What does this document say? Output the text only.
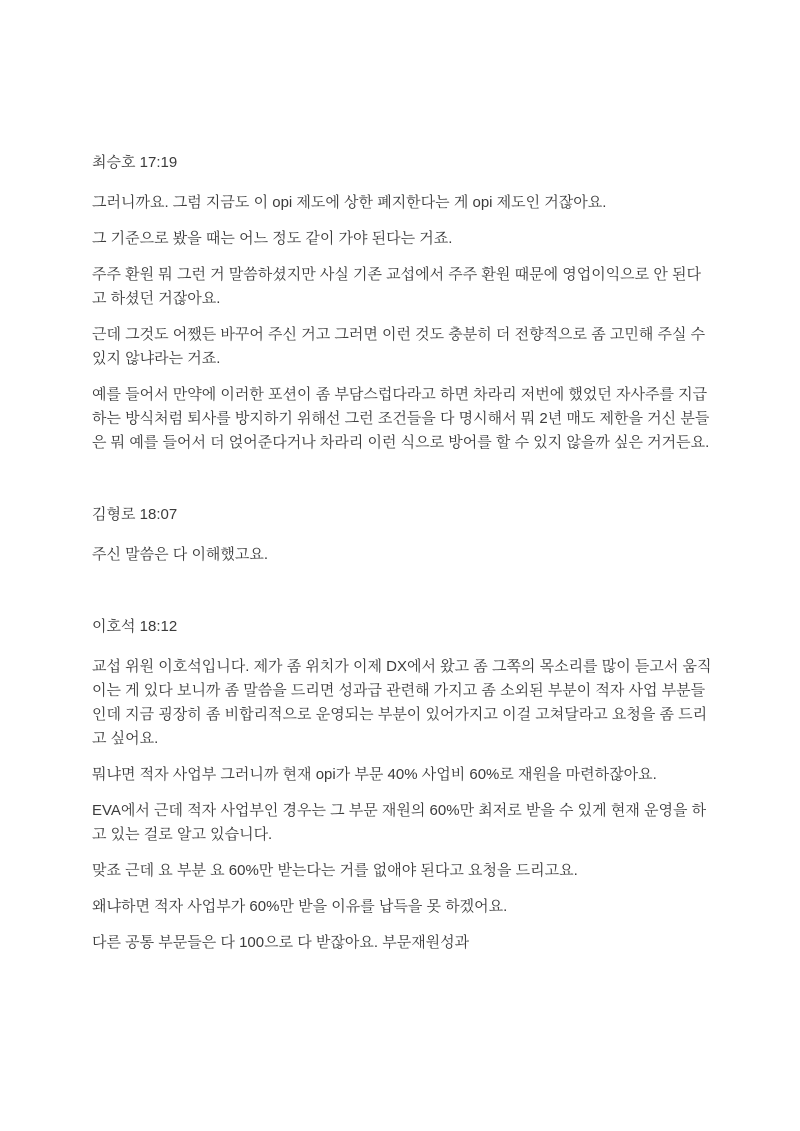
최승호 17:19

그러니까요. 그럼 지금도 이 opi 제도에 상한 폐지한다는 게 opi 제도인 거잖아요.

그 기준으로 봤을 때는 어느 정도 같이 가야 된다는 거죠.

주주 환원 뭐 그런 거 말씀하셨지만 사실 기존 교섭에서 주주 환원 때문에 영업이익으로 안 된다고 하셨던 거잖아요.

근데 그것도 어쨌든 바꾸어 주신 거고 그러면 이런 것도 충분히 더 전향적으로 좀 고민해 주실 수 있지 않냐라는 거죠.

예를 들어서 만약에 이러한 포션이 좀 부담스럽다라고 하면 차라리 저번에 했었던 자사주를 지급하는 방식처럼 퇴사를 방지하기 위해선 그런 조건들을 다 명시해서 뭐 2년 매도 제한을 거신 분들은 뭐 예를 들어서 더 얹어준다거나 차라리 이런 식으로 방어를 할 수 있지 않을까 싶은 거거든요.

김형로 18:07

주신 말씀은 다 이해했고요.

이호석 18:12

교섭 위원 이호석입니다. 제가 좀 위치가 이제 DX에서 왔고 좀 그쪽의 목소리를 많이 듣고서 움직이는 게 있다 보니까 좀 말씀을 드리면 성과급 관련해 가지고 좀 소외된 부분이 적자 사업 부분들인데 지금 굉장히 좀 비합리적으로 운영되는 부분이 있어가지고 이걸 고쳐달라고 요청을 좀 드리고 싶어요.

뭐냐면 적자 사업부 그러니까 현재 opi가 부문 40% 사업비 60%로 재원을 마련하잖아요.

EVA에서 근데 적자 사업부인 경우는 그 부문 재원의 60%만 최저로 받을 수 있게 현재 운영을 하고 있는 걸로 알고 있습니다.

맞죠 근데 요 부분 요 60%만 받는다는 거를 없애야 된다고 요청을 드리고요.

왜냐하면 적자 사업부가 60%만 받을 이유를 납득을 못 하겠어요.

다른 공통 부문들은 다 100으로 다 받잖아요. 부문재원성과
